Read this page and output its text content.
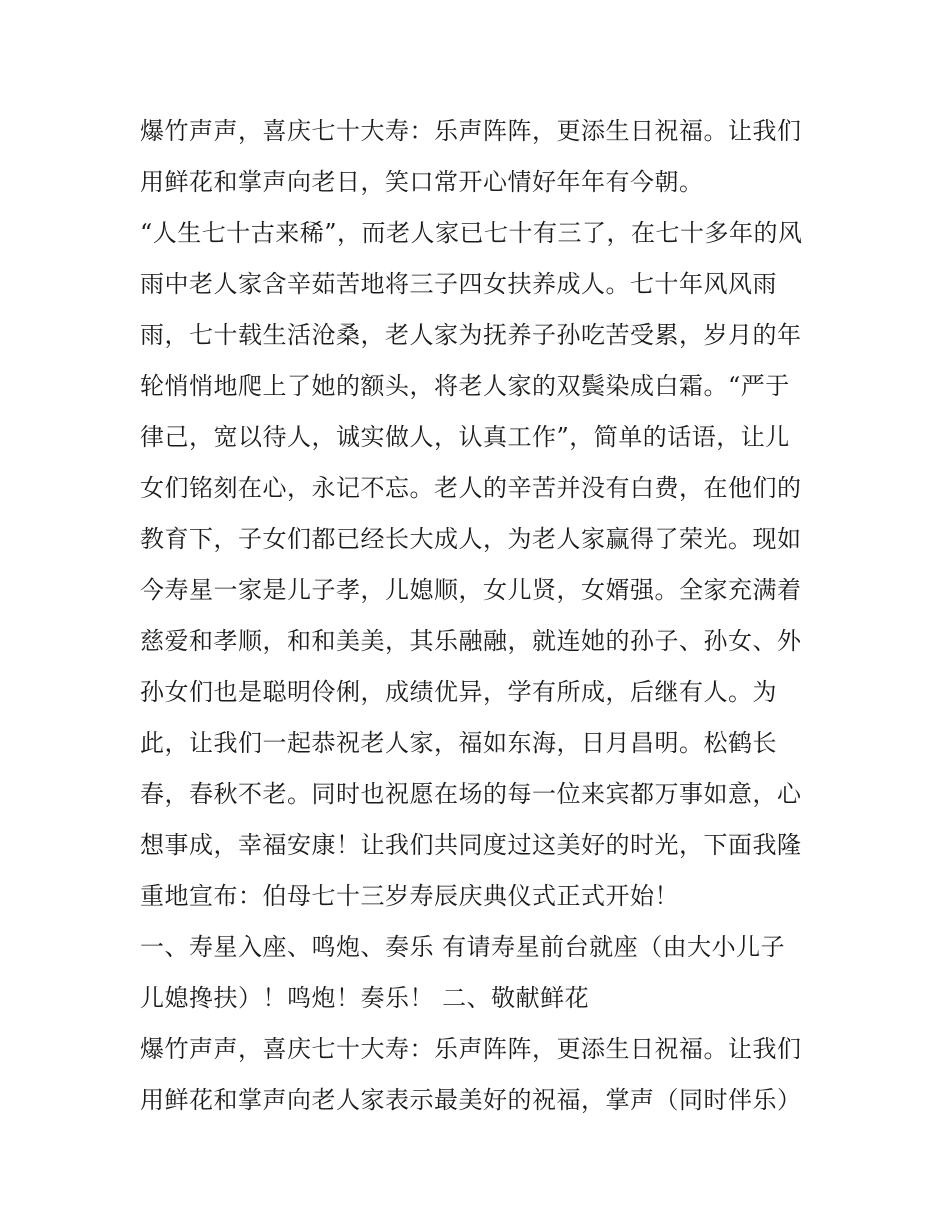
爆竹声声，喜庆七十大寿：乐声阵阵，更添生日祝福。让我们
用鲜花和掌声向老日，笑口常开心情好年年有今朝。
“人生七十古来稀”，而老人家已七十有三了，在七十多年的风
雨中老人家含辛茹苦地将三子四女扶养成人。七十年风风雨
雨，七十载生活沧桑，老人家为抚养子孙吃苦受累，岁月的年
轮悄悄地爬上了她的额头，将老人家的双鬓染成白霜。“严于
律己，宽以待人，诚实做人，认真工作”，简单的话语，让儿
女们铭刻在心，永记不忘。老人的辛苦并没有白费，在他们的
教育下，子女们都已经长大成人，为老人家赢得了荣光。现如
今寿星一家是儿子孝，儿媳顺，女儿贤，女婿强。全家充满着
慈爱和孝顺，和和美美，其乐融融，就连她的孙子、孙女、外
孙女们也是聪明伶俐，成绩优异，学有所成，后继有人。为
此，让我们一起恭祝老人家，福如东海，日月昌明。松鹤长
春，春秋不老。同时也祝愿在场的每一位来宾都万事如意，心
想事成，幸福安康！让我们共同度过这美好的时光，下面我隆
重地宣布：伯母七十三岁寿辰庆典仪式正式开始！
一、寿星入座、鸣炮、奏乐 有请寿星前台就座（由大小儿子
儿媳搀扶）！鸣炮！奏乐！ 二、敬献鲜花
爆竹声声，喜庆七十大寿：乐声阵阵，更添生日祝福。让我们
用鲜花和掌声向老人家表示最美好的祝福，掌声（同时伴乐）
